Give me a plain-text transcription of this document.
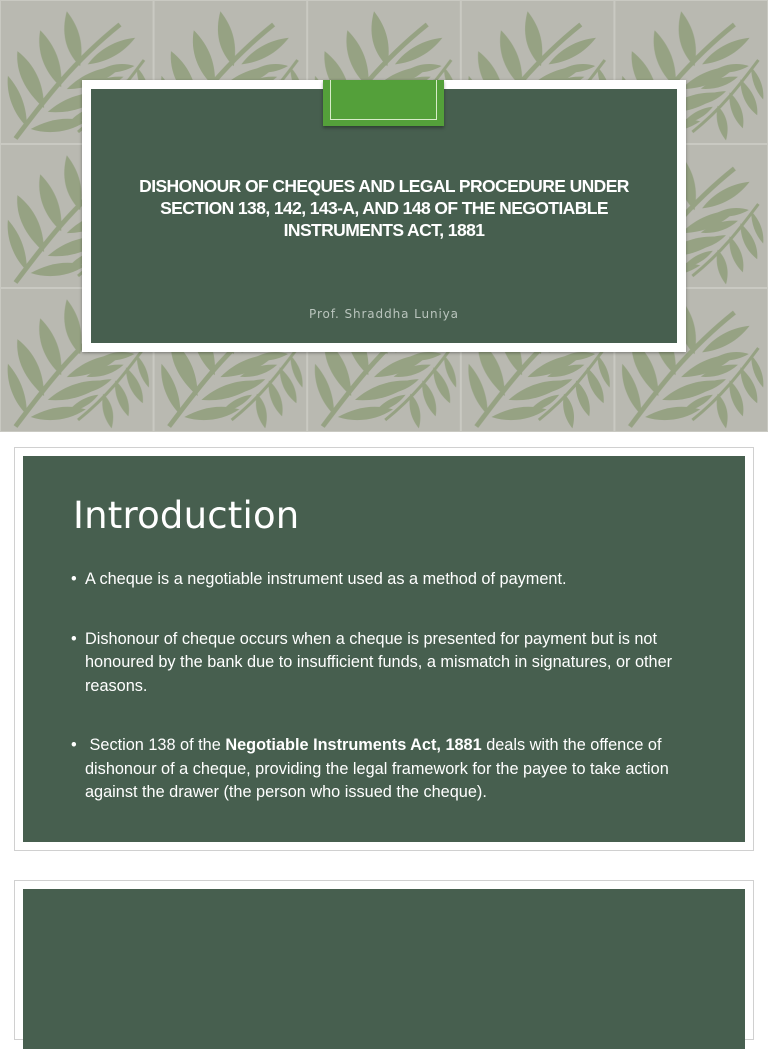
DISHONOUR OF CHEQUES AND LEGAL PROCEDURE UNDER SECTION 138, 142, 143-A, AND 148 OF THE NEGOTIABLE INSTRUMENTS ACT, 1881
Prof. Shraddha Luniya
Introduction
• A cheque is a negotiable instrument used as a method of payment.
• Dishonour of cheque occurs when a cheque is presented for payment but is not honoured by the bank due to insufficient funds, a mismatch in signatures, or other reasons.
• Section 138 of the Negotiable Instruments Act, 1881 deals with the offence of dishonour of a cheque, providing the legal framework for the payee to take action against the drawer (the person who issued the cheque).
